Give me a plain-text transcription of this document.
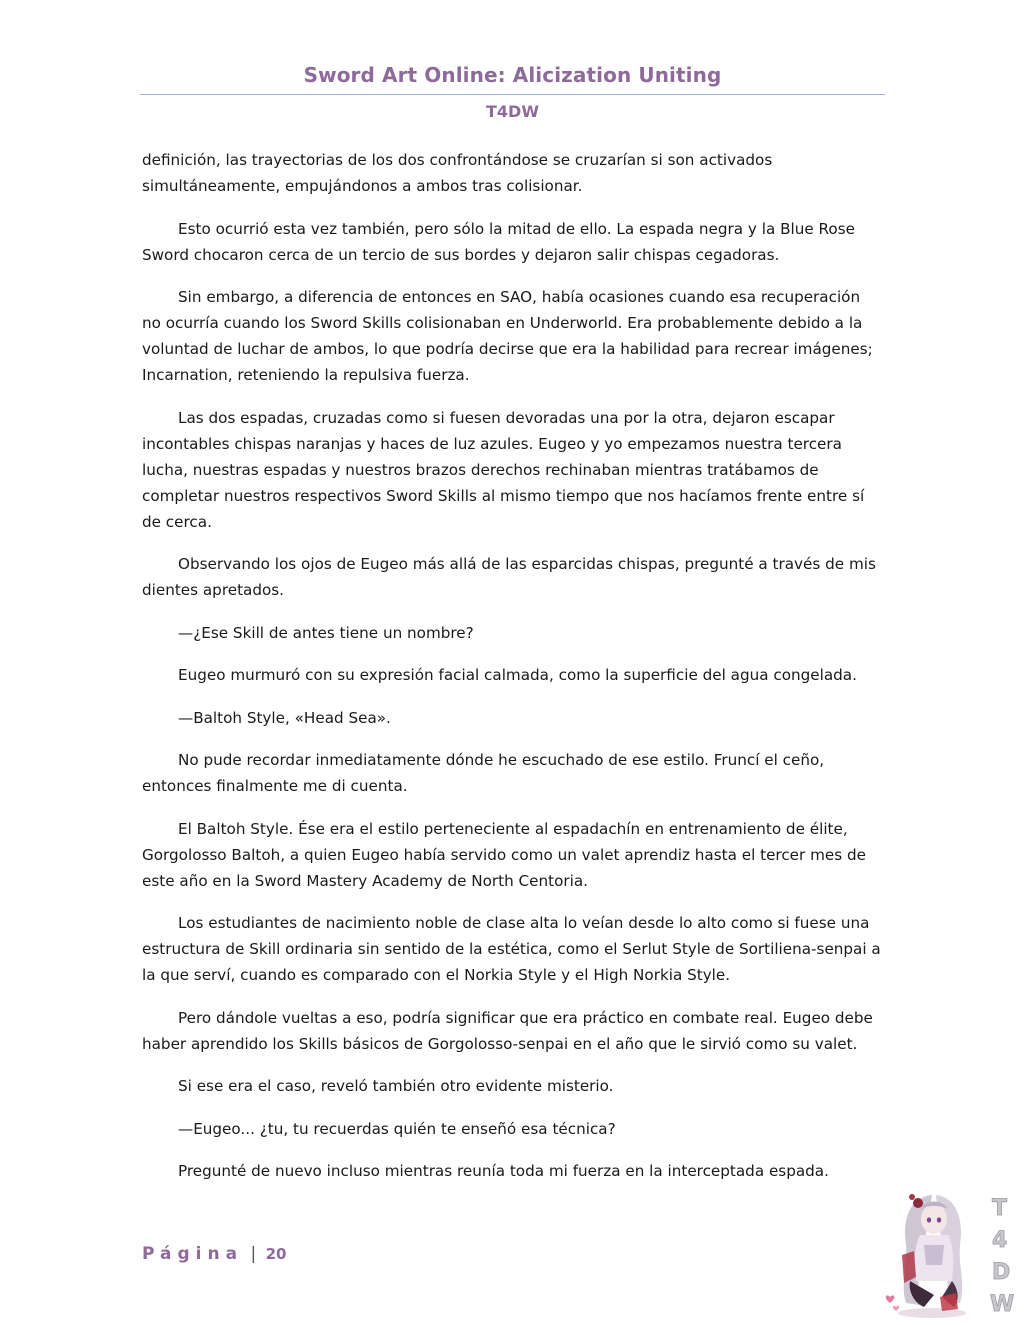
Sword Art Online: Alicization Uniting
T4DW

definición, las trayectorias de los dos confrontándose se cruzarían si son activados simultáneamente, empujándonos a ambos tras colisionar.

Esto ocurrió esta vez también, pero sólo la mitad de ello. La espada negra y la Blue Rose Sword chocaron cerca de un tercio de sus bordes y dejaron salir chispas cegadoras.

Sin embargo, a diferencia de entonces en SAO, había ocasiones cuando esa recuperación no ocurría cuando los Sword Skills colisionaban en Underworld. Era probablemente debido a la voluntad de luchar de ambos, lo que podría decirse que era la habilidad para recrear imágenes; Incarnation, reteniendo la repulsiva fuerza.

Las dos espadas, cruzadas como si fuesen devoradas una por la otra, dejaron escapar incontables chispas naranjas y haces de luz azules. Eugeo y yo empezamos nuestra tercera lucha, nuestras espadas y nuestros brazos derechos rechinaban mientras tratábamos de completar nuestros respectivos Sword Skills al mismo tiempo que nos hacíamos frente entre sí de cerca.

Observando los ojos de Eugeo más allá de las esparcidas chispas, pregunté a través de mis dientes apretados.

—¿Ese Skill de antes tiene un nombre?

Eugeo murmuró con su expresión facial calmada, como la superficie del agua congelada.

—Baltoh Style, «Head Sea».

No pude recordar inmediatamente dónde he escuchado de ese estilo. Fruncí el ceño, entonces finalmente me di cuenta.

El Baltoh Style. Ése era el estilo perteneciente al espadachín en entrenamiento de élite, Gorgolosso Baltoh, a quien Eugeo había servido como un valet aprendiz hasta el tercer mes de este año en la Sword Mastery Academy de North Centoria.

Los estudiantes de nacimiento noble de clase alta lo veían desde lo alto como si fuese una estructura de Skill ordinaria sin sentido de la estética, como el Serlut Style de Sortiliena-senpai a la que serví, cuando es comparado con el Norkia Style y el High Norkia Style.

Pero dándole vueltas a eso, podría significar que era práctico en combate real. Eugeo debe haber aprendido los Skills básicos de Gorgolosso-senpai en el año que le sirvió como su valet.

Si ese era el caso, reveló también otro evidente misterio.

—Eugeo... ¿tu, tu recuerdas quién te enseñó esa técnica?

Pregunté de nuevo incluso mientras reunía toda mi fuerza en la interceptada espada.

Página | 20
T
4
D
W
